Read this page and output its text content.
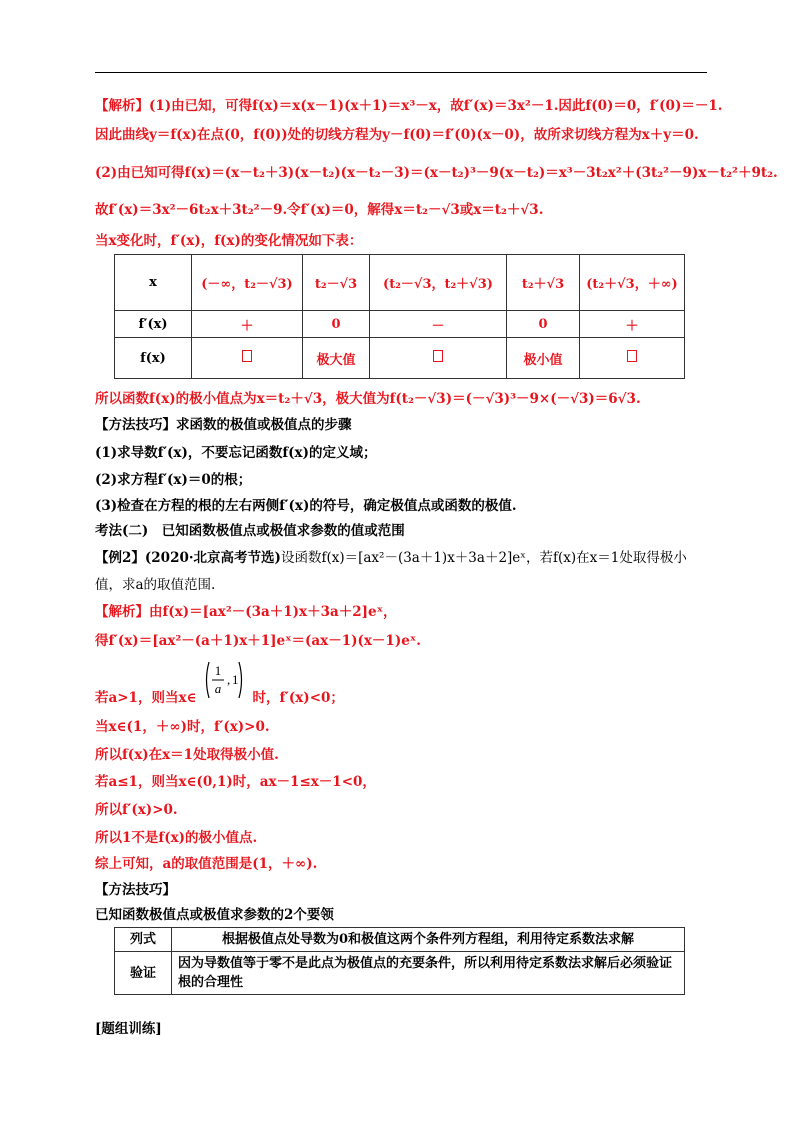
【解析】(1)由已知，可得f(x)＝x(x－1)(x＋1)＝x³－x，故f′(x)＝3x²－1.因此f(0)＝0，f′(0)＝－1.
因此曲线y＝f(x)在点(0，f(0))处的切线方程为y－f(0)＝f′(0)(x－0)，故所求切线方程为x＋y＝0.
(2)由已知可得f(x)＝(x－t₂＋3)(x－t₂)(x－t₂－3)＝(x－t₂)³－9(x－t₂)＝x³－3t₂x²＋(3t₂²－9)x－t₂²＋9t₂.
故f′(x)＝3x²－6t₂x＋3t₂²－9.令f′(x)＝0，解得x＝t₂－√3或x＝t₂＋√3.
当x变化时，f′(x)，f(x)的变化情况如下表：
x	(－∞，t₂－√3)	t₂－√3	(t₂－√3，t₂＋√3)	t₂＋√3	(t₂＋√3，＋∞)
f′(x)	＋	0	－	0	＋
f(x)		极大值		极小值	
所以函数f(x)的极小值点为x＝t₂＋√3，极大值为f(t₂－√3)＝(－√3)³－9×(－√3)＝6√3.
【方法技巧】求函数的极值或极值点的步骤
(1)求导数f′(x)，不要忘记函数f(x)的定义域；
(2)求方程f′(x)＝0的根；
(3)检查在方程的根的左右两侧f′(x)的符号，确定极值点或函数的极值.
考法(二)　已知函数极值点或极值求参数的值或范围
【例2】(2020·北京高考节选)设函数f(x)＝[ax²－(3a＋1)x＋3a＋2]eˣ，若f(x)在x＝1处取得极小
值，求a的取值范围.
【解析】由f(x)＝[ax²－(3a＋1)x＋3a＋2]eˣ，
得f′(x)＝[ax²－(a＋1)x＋1]eˣ＝(ax－1)(x－1)eˣ.
若a>1，则当x∈	时，f′(x)<0；
1
a
, 1
当x∈(1，＋∞)时，f′(x)>0.
所以f(x)在x＝1处取得极小值.
若a≤1，则当x∈(0,1)时，ax－1≤x－1<0，
所以f′(x)>0.
所以1不是f(x)的极小值点.
综上可知，a的取值范围是(1，＋∞).
【方法技巧】
已知函数极值点或极值求参数的2个要领
列式	根据极值点处导数为0和极值这两个条件列方程组，利用待定系数法求解
验证	因为导数值等于零不是此点为极值点的充要条件，所以利用待定系数法求解后必须验证根的合理性
[题组训练]
